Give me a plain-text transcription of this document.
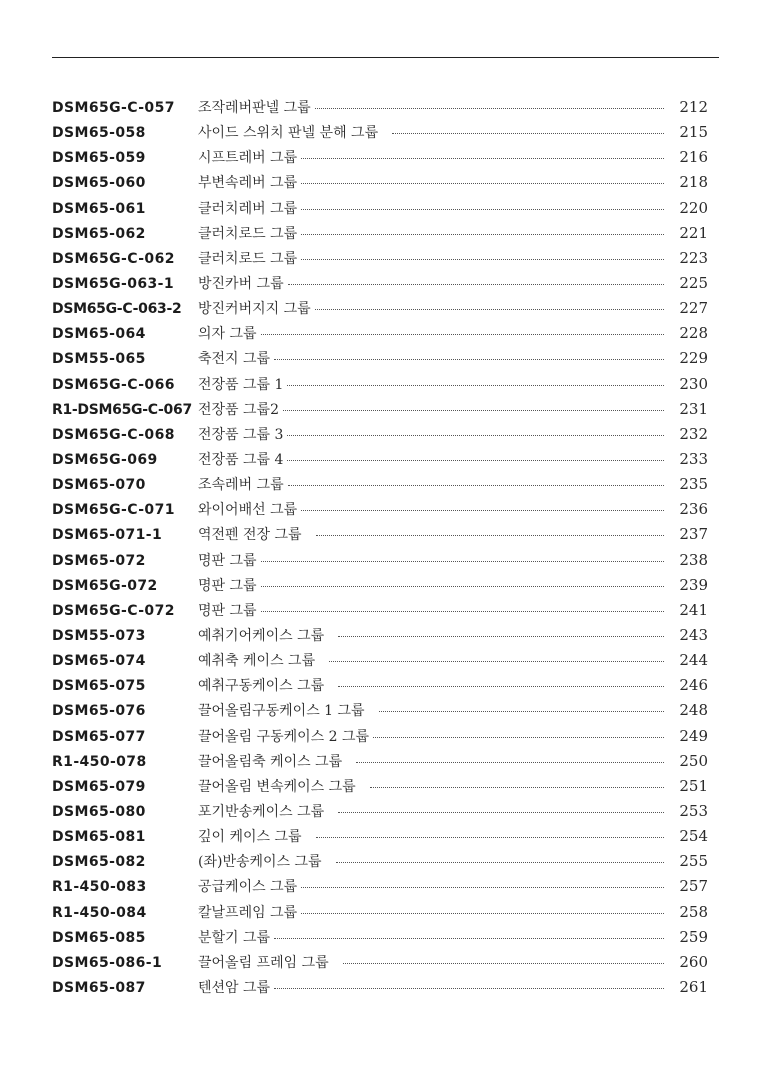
DSM65G-C-057	조작레버판넬 그룹	212
DSM65-058	사이드 스위치 판넬 분해 그룹	215
DSM65-059	시프트레버 그룹	216
DSM65-060	부변속레버 그룹	218
DSM65-061	클러치레버 그룹	220
DSM65-062	클러치로드 그룹	221
DSM65G-C-062	클러치로드 그룹	223
DSM65G-063-1	방진카버 그룹	225
DSM65G-C-063-2	방진커버지지 그룹	227
DSM65-064	의자 그룹	228
DSM55-065	축전지 그룹	229
DSM65G-C-066	전장품 그룹 1	230
R1-DSM65G-C-067 전장품 그룹2	231
DSM65G-C-068	전장품 그룹 3	232
DSM65G-069	전장품 그룹 4	233
DSM65-070	조속레버 그룹	235
DSM65G-C-071	와이어배선 그룹	236
DSM65-071-1	역전펜 전장 그룹	237
DSM65-072	명판 그룹	238
DSM65G-072	명판 그룹	239
DSM65G-C-072	명판 그룹	241
DSM55-073	예취기어케이스 그룹	243
DSM65-074	예취축 케이스 그룹	244
DSM65-075	예취구동케이스 그룹	246
DSM65-076	끌어올림구동케이스 1 그룹	248
DSM65-077	끌어올림 구동케이스 2 그룹	249
R1-450-078	끌어올림축 케이스 그룹	250
DSM65-079	끌어올림 변속케이스 그룹	251
DSM65-080	포기반송케이스 그룹	253
DSM65-081	깊이 케이스 그룹	254
DSM65-082	(좌)반송케이스 그룹	255
R1-450-083	공급케이스 그룹	257
R1-450-084	칼날프레임 그룹	258
DSM65-085	분할기 그룹	259
DSM65-086-1	끌어올림 프레임 그룹	260
DSM65-087	텐션암 그룹	261
